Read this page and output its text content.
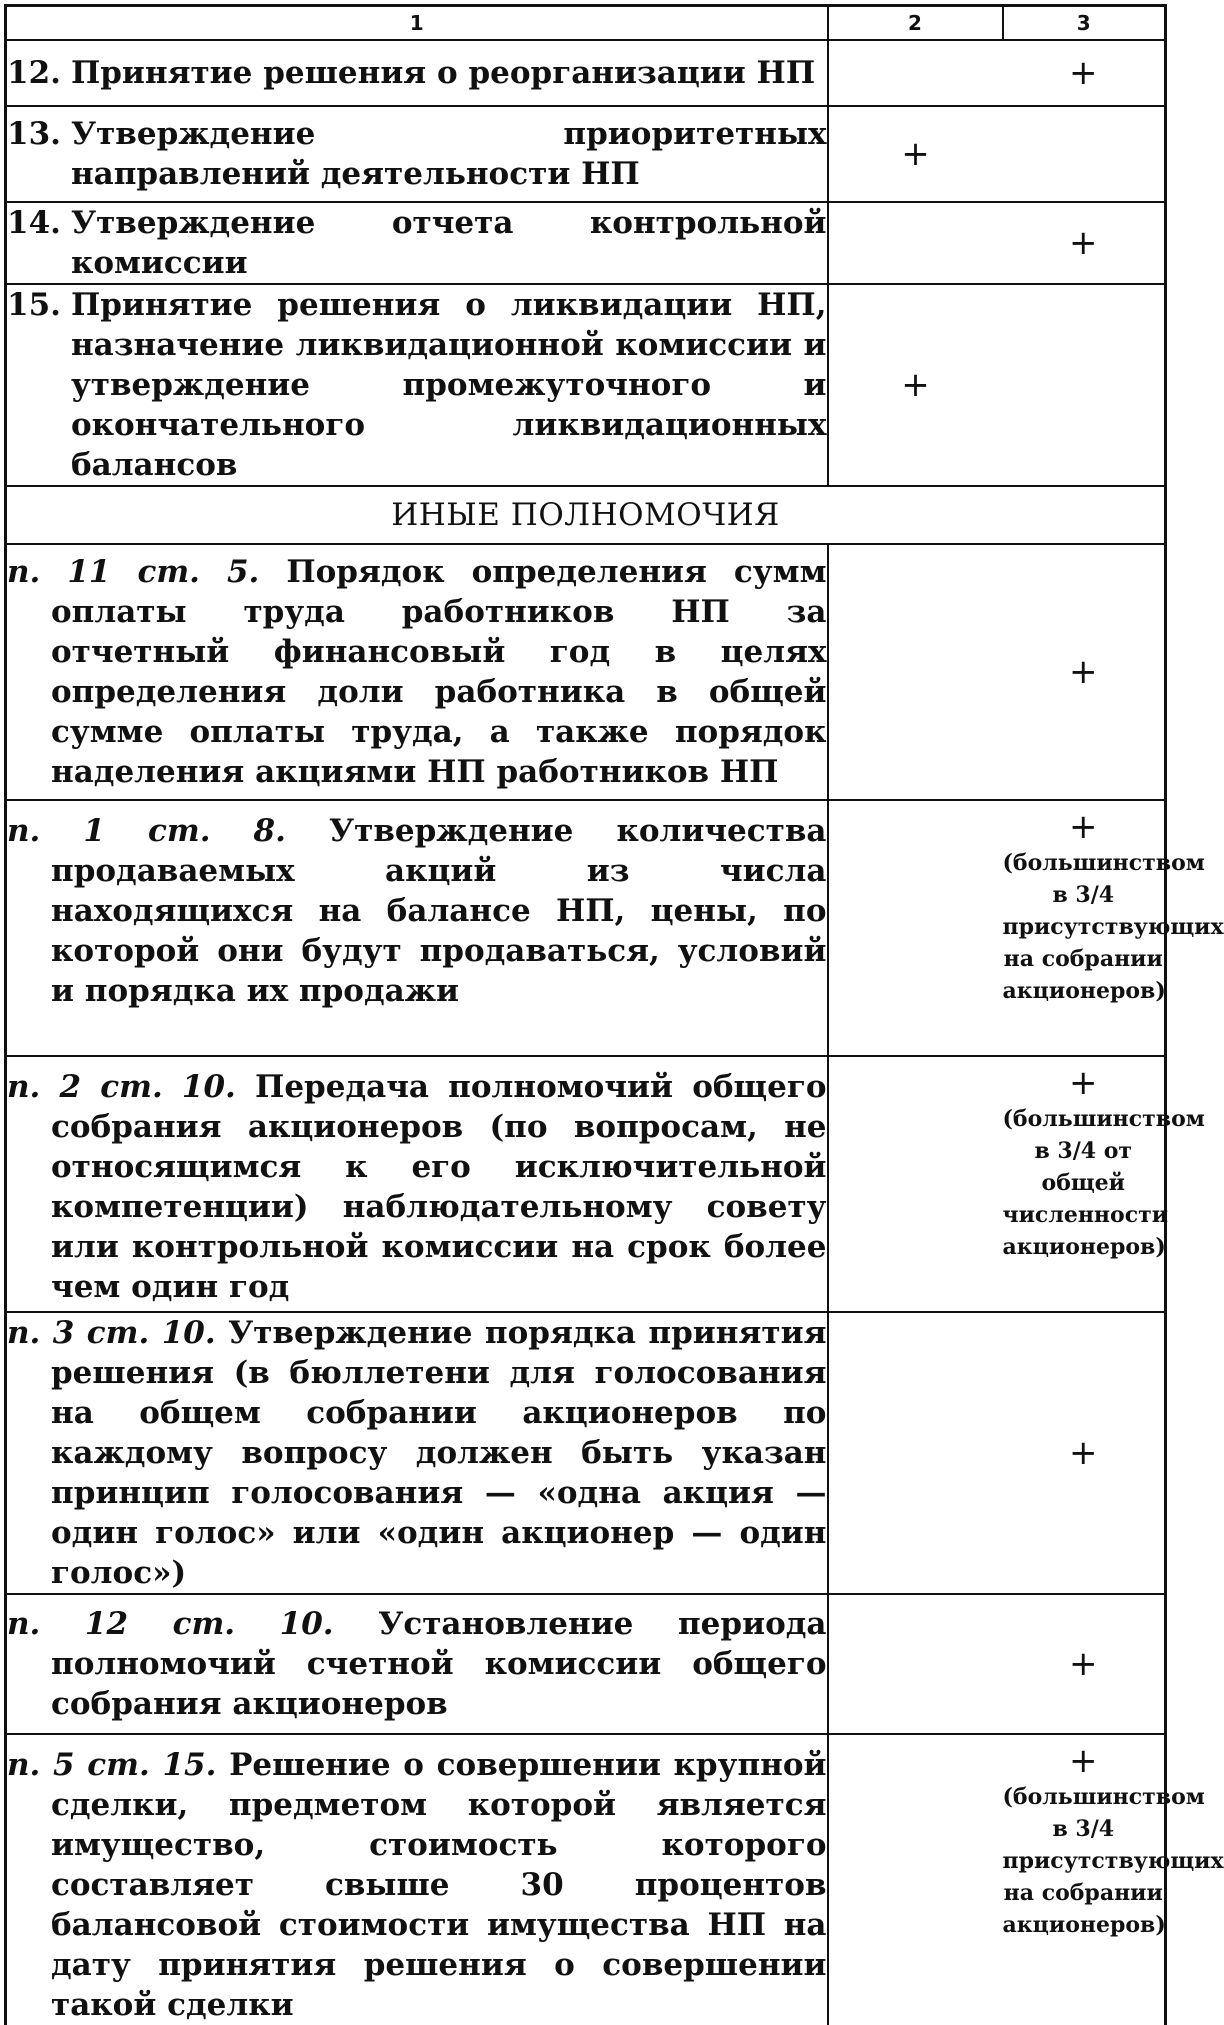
1	2	3

12. Принятие решения о реорганизации НП		+

13. Утверждение приоритетных направлений деятельности НП	+	

14. Утверждение отчета контрольной комиссии		+

15. Принятие решения о ликвидации НП, назначение ликвидационной комиссии и утверждение промежуточного и окончательного ликвидационных балансов	+	
ИНЫЕ ПОЛНОМОЧИЯ		

п. 11 ст. 5. Порядок определения сумм оплаты труда работников НП за отчетный финансовый год в целях определения доли работника в общей сумме оплаты труда, а также порядок наделения акциями НП работников НП		+

п. 1 ст. 8. Утверждение количества продаваемых акций из числа находящихся на балансе НП, цены, по которой они будут продаваться, условий и порядка их продажи		+
(большинством в 3/4 присутствующих на собрании акционеров)

п. 2 ст. 10. Передача полномочий общего собрания акционеров (по вопросам, не относящимся к его исключительной компетенции) наблюдательному совету или контрольной комиссии на срок более чем один год		+
(большинством в 3/4 от общей численности акционеров)

п. 3 ст. 10. Утверждение порядка принятия решения (в бюллетени для голосования на общем собрании акционеров по каждому вопросу должен быть указан принцип голосования — «одна акция — один голос» или «один акционер — один голос»)		+

п. 12 ст. 10. Установление периода полномочий счетной комиссии общего собрания акционеров		+

п. 5 ст. 15. Решение о совершении крупной сделки, предметом которой является имущество, стоимость которого составляет свыше 30 процентов балансовой стоимости имущества НП на дату принятия решения о совершении такой сделки		+
(большинством в 3/4 присутствующих на собрании акционеров)
